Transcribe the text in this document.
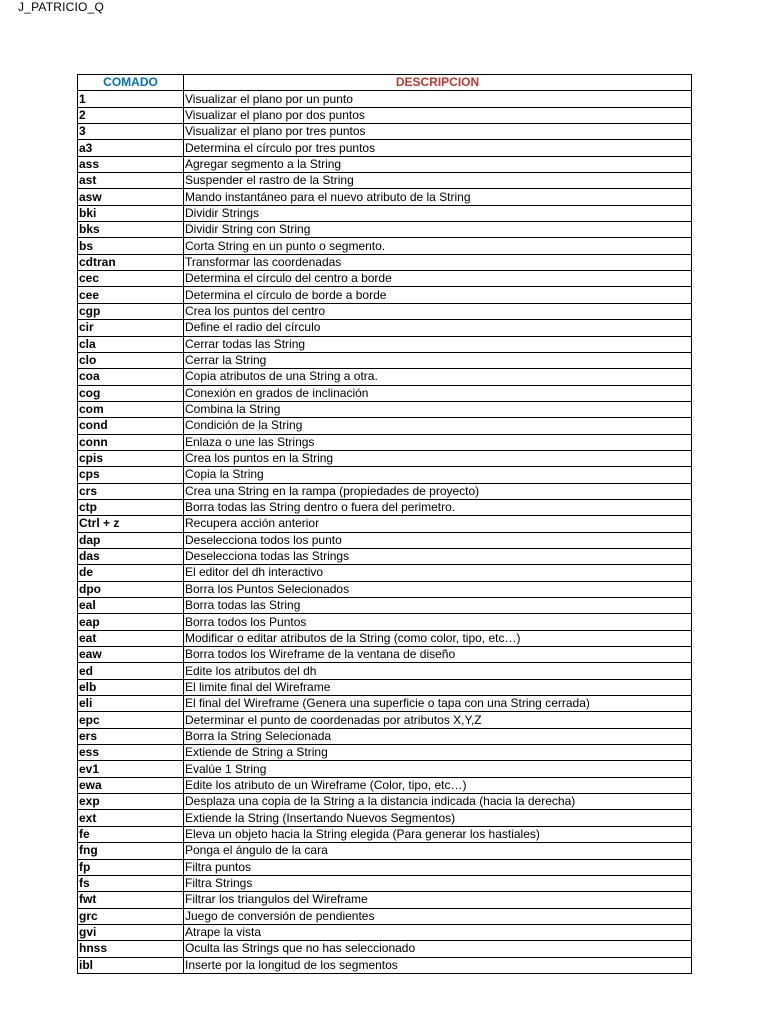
J_PATRICIO_Q
COMADO	DESCRIPCION
1	Visualizar el plano por un punto
2	Visualizar el plano por dos puntos
3	Visualizar el plano por tres puntos
a3	Determina el círculo por tres puntos
ass	Agregar segmento a la String
ast	Suspender el rastro de la String
asw	Mando instantáneo para el nuevo atributo de la String
bki	Dividir Strings
bks	Dividir String con String
bs	Corta String en un punto o segmento.
cdtran	Transformar las coordenadas
cec	Determina el círculo del centro a borde
cee	Determina el círculo de borde a borde
cgp	Crea los puntos del centro
cir	Define el radio del círculo
cla	Cerrar todas las String
clo	Cerrar la String
coa	Copia atributos de una String a otra.
cog	Conexión en grados de inclinación
com	Combina la String
cond	Condición de la String
conn	Enlaza o une las Strings
cpis	Crea los puntos en la String
cps	Copia la String
crs	Crea una String en la rampa (propiedades de proyecto)
ctp	Borra todas las String dentro o fuera del perimetro.
Ctrl + z	Recupera acción anterior
dap	Deselecciona todos los punto
das	Deselecciona todas las Strings
de	El editor del dh interactivo
dpo	Borra los Puntos Selecionados
eal	Borra todas las String
eap	Borra todos los Puntos
eat	Modificar o editar atributos de la String (como color, tipo, etc…)
eaw	Borra todos los Wireframe de la ventana de diseño
ed	Edite los atributos del dh
elb	El limite final del Wireframe
eli	El final del Wireframe (Genera una superficie o tapa con una String cerrada)
epc	Determinar el punto de coordenadas por atributos X,Y,Z
ers	Borra la String Selecionada
ess	Extiende de String a String
ev1	Evalúe 1 String
ewa	Edite los atributo de un Wireframe (Color, tipo, etc…)
exp	Desplaza una copia de la String a la distancia indicada (hacia la derecha)
ext	Extiende la String (Insertando Nuevos Segmentos)
fe	Eleva un objeto hacia la String elegida (Para generar los hastiales)
fng	Ponga el ángulo de la cara
fp	Filtra puntos
fs	Filtra Strings
fwt	Filtrar los triangulos del Wireframe
grc	Juego de conversión de pendientes
gvi	Atrape la vista
hnss	Oculta las Strings que no has seleccionado
ibl	Inserte por la longitud de los segmentos
